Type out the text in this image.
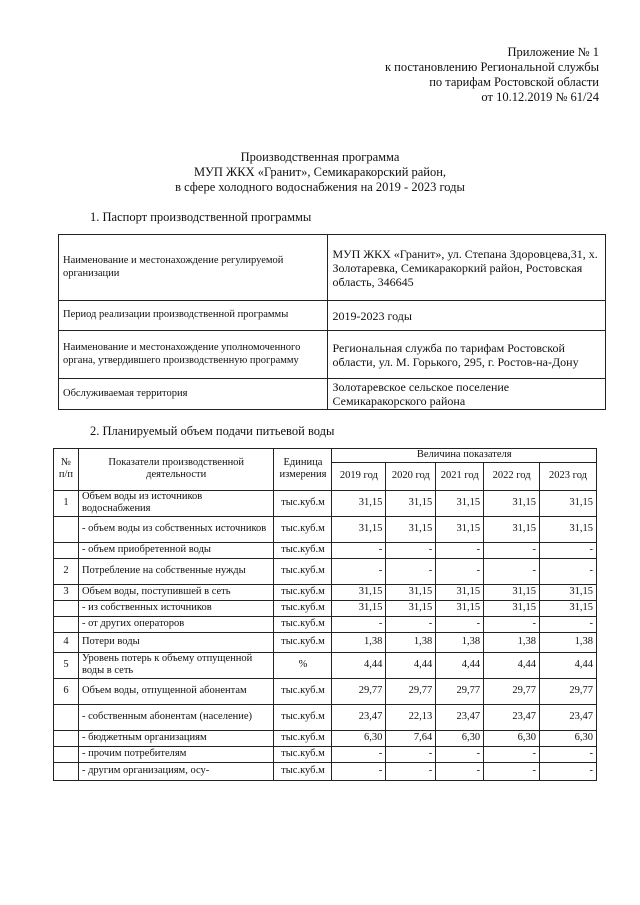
Приложение № 1
к постановлению Региональной службы
по тарифам Ростовской области
от 10.12.2019 № 61/24
Производственная программа
МУП ЖКХ «Гранит», Семикаракорский район,
в сфере холодного водоснабжения на 2019 - 2023 годы
1. Паспорт производственной программы
Наименование и местонахождение регулируемой организации	МУП ЖКХ «Гранит», ул. Степана Здоровцева,31, х. Золотаревка, Семикаракоркий район, Ростовская область, 346645
Период реализации производственной программы	2019-2023 годы
Наименование и местонахождение уполномоченного органа, утвердившего производственную программу	Региональная служба по тарифам Ростовской области, ул. М. Горького, 295, г. Ростов-на-Дону
Обслуживаемая территория	Золотаревское сельское поселение Семикаракорского района
2. Планируемый объем подачи питьевой воды
№ п/п	Показатели производственной деятельности	Единица измерения	Величина показателя				
			2019 год	2020 год	2021 год	2022 год	2023 год
1	Объем воды из источников водоснабжения	тыс.куб.м	31,15	31,15	31,15	31,15	31,15
	- объем воды из собственных источников	тыс.куб.м	31,15	31,15	31,15	31,15	31,15
	- объем приобретенной воды	тыс.куб.м	-	-	-	-	-
2	Потребление на собственные нужды	тыс.куб.м	-	-	-	-	-
3	Объем воды, поступившей в сеть	тыс.куб.м	31,15	31,15	31,15	31,15	31,15
	- из собственных источников	тыс.куб.м	31,15	31,15	31,15	31,15	31,15
	- от других операторов	тыс.куб.м	-	-	-	-	-
4	Потери воды	тыс.куб.м	1,38	1,38	1,38	1,38	1,38
5	Уровень потерь к объему отпущенной воды в сеть	%	4,44	4,44	4,44	4,44	4,44
6	Объем воды, отпущенной абонентам	тыс.куб.м	29,77	29,77	29,77	29,77	29,77
	- собственным абонентам (население)	тыс.куб.м	23,47	22,13	23,47	23,47	23,47
	- бюджетным организациям	тыс.куб.м	6,30	7,64	6,30	6,30	6,30
	- прочим потребителям	тыс.куб.м	-	-	-	-	-
	- другим организациям, осу-	тыс.куб.м	-	-	-	-	-
